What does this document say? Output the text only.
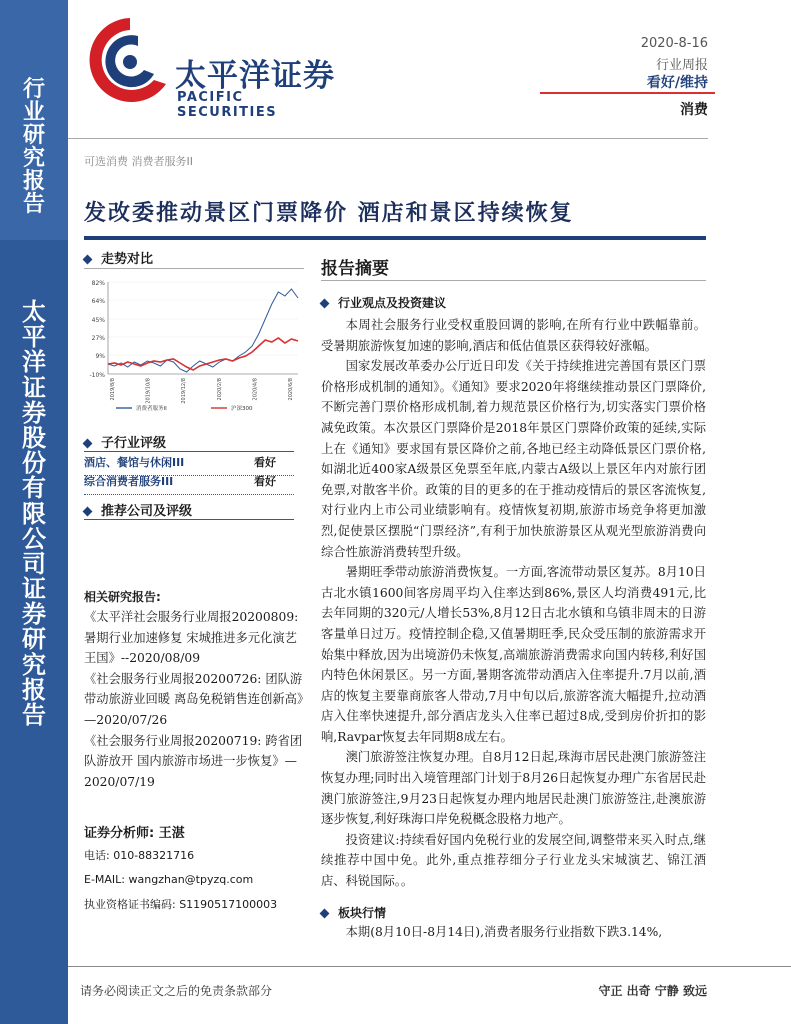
行
业
研
究
报
告
太
平
洋
证
券
股
份
有
限
公
司
证
券
研
究
报
告
太平洋证券
PACIFIC SECURITIES
2020-8-16
行业周报
看好/维持
消费
可选消费 消费者服务II
发改委推动景区门票降价 酒店和景区持续恢复
走势对比
82%
64%
45%
27%
9%
-10%
2019/8/8	2019/10/8	2019/12/8	2020/2/8	2020/4/8	2020/6/8
消费者服务II	沪深300
子行业评级
酒店、餐馆与休闲III	看好
综合消费者服务III	看好
推荐公司及评级
相关研究报告:
《太平洋社会服务行业周报20200809: 暑期行业加速修复 宋城推进多元化演艺王国》--2020/08/09
《社会服务行业周报20200726: 团队游带动旅游业回暖 离岛免税销售连创新高》—2020/07/26
《社会服务行业周报20200719: 跨省团队游放开 国内旅游市场进一步恢复》—2020/07/19
证券分析师: 王湛
电话: 010-88321716
E-MAIL: wangzhan@tpyzq.com
执业资格证书编码: S1190517100003
报告摘要
行业观点及投资建议
本周社会服务行业受权重股回调的影响,在所有行业中跌幅靠前。受暑期旅游恢复加速的影响,酒店和低估值景区获得较好涨幅。
国家发展改革委办公厅近日印发《关于持续推进完善国有景区门票价格形成机制的通知》。《通知》要求2020年将继续推动景区门票降价,不断完善门票价格形成机制,着力规范景区价格行为,切实落实门票价格减免政策。本次景区门票降价是2018年景区门票降价政策的延续,实际上在《通知》要求国有景区降价之前,各地已经主动降低景区门票价格,如湖北近400家A级景区免票至年底,内蒙古A级以上景区年内对旅行团免票,对散客半价。政策的目的更多的在于推动疫情后的景区客流恢复,对行业内上市公司业绩影响有。疫情恢复初期,旅游市场竞争将更加激烈,促使景区摆脱“门票经济”,有利于加快旅游景区从观光型旅游消费向综合性旅游消费转型升级。
暑期旺季带动旅游消费恢复。一方面,客流带动景区复苏。8月10日古北水镇1600间客房周平均入住率达到86%,景区人均消费491元,比去年同期的320元/人增长53%,8月12日古北水镇和乌镇非周末的日游客量单日过万。疫情控制企稳,又值暑期旺季,民众受压制的旅游需求开始集中释放,因为出境游仍未恢复,高端旅游消费需求向国内转移,利好国内特色休闲景区。另一方面,暑期客流带动酒店入住率提升.7月以前,酒店的恢复主要靠商旅客人带动,7月中旬以后,旅游客流大幅提升,拉动酒店入住率快速提升,部分酒店龙头入住率已超过8成,受到房价折扣的影响,Ravpar恢复去年同期8成左右。
澳门旅游签注恢复办理。自8月12日起,珠海市居民赴澳门旅游签注恢复办理;同时出入境管理部门计划于8月26日起恢复办理广东省居民赴澳门旅游签注,9月23日起恢复办理内地居民赴澳门旅游签注,赴澳旅游逐步恢复,利好珠海口岸免税概念股格力地产。
投资建议:持续看好国内免税行业的发展空间,调整带来买入时点,继续推荐中国中免。此外,重点推荐细分子行业龙头宋城演艺、锦江酒店、科锐国际。。
板块行情
本期(8月10日-8月14日),消费者服务行业指数下跌3.14%,
请务必阅读正文之后的免责条款部分	守正 出奇 宁静 致远
